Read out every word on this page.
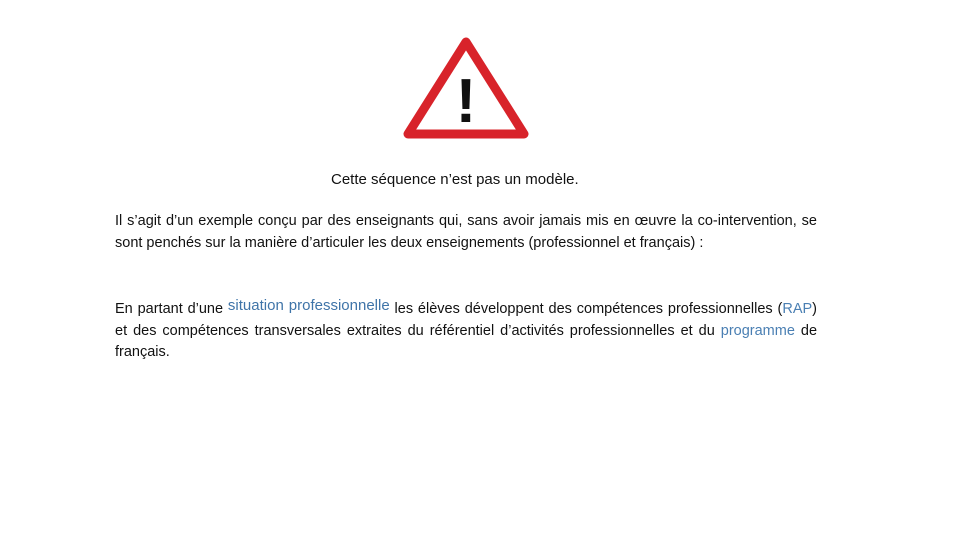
!
Cette séquence n’est pas un modèle.

Il s’agit d’un exemple conçu par des enseignants qui, sans avoir jamais mis en œuvre la co-intervention, se sont penchés sur la manière d’articuler les deux enseignements (professionnel et français) :

En partant d’une situation professionnelle les élèves développent des compétences professionnelles (RAP) et des compétences transversales extraites du référentiel d’activités professionnelles et du programme de français.
